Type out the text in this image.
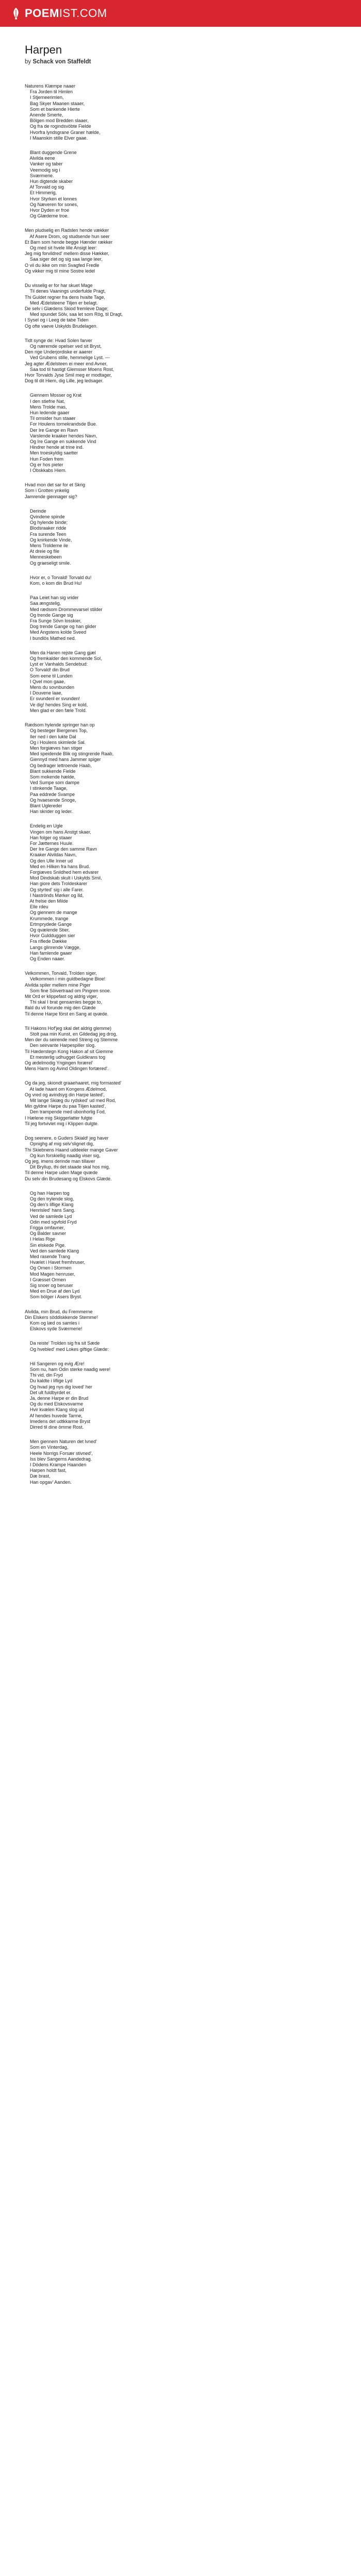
POEM IST.COM
Harpen
by Schack von Staffeldt
Naturens Klæmpe naaer
Fra Jorden til Himlen
I Stjerneerimlen,
Bag Skyer Maanen staaer,
Som et bankende Hierte
Anende Smerte,
Bölgen mod Bredden slaaer,
Og fra de rogindsvöbte Fielde
Hvorfra lyndsgrane Graner hælde,
I Maanskin stille Elver gaae.
Blant duggende Grene
Alvilda eene
Vanker og taber
Veemodig sig i
Sværmerie.
Hun digtende skaber
Af Torvald og sig
Et Himmerig,
Hvor Styrken et lonnes
Og Næveren for sones,
Hvor Dyden er froe
Og Glæderne troe.
Men pludselig en Radslen hende vækker
Af Asere Drom, og studsende hun seer
Et Barn som hende begge Hænder rækker
Og med sit hvele lille Ansigt leer:
Jeg mig forvildred' mellem disse Hækker,
Saa siger det og sig saa lange leer,
O vil du ikke om min Svagfed Fredle
Og vikker mig til mine Sostre ledel
Du visselig er for har skuet Mage
Til denes Vaanings underfulde Pragt,
Thi Guldet regner fra dens hvalte Tage,
Med Ædelsteene Tiljen er belagt.
De selv i Glædens Skiod fremleve Dage;
Med spundet Sölv, saa let som Rög, til Dragt,
I Sysel og i Leeg de tabe Tiden
Og ofte vaeve Uskylds Brudelagen.
Tidt synge de: Hvad Solen farver
Og næremde opelser ved sit Bryst,
Den rige Underjordiske er aaerer
Ved Grubens stille, hemmelige Lyst. ---
Jeg agter Ædelsteen ei meer end Avner,
Saa tod til hastigt Glemsser Moens Rost,
Hvor Torvalds Jyse Smil meg er modtager,
Dog til dit Hiem, dig Lille, jeg ledsager.
Giennem Mosser og Krat
I den stiefrie Nat,
Mens Trolde mas,
Hun ledende gaaer
Til omsider hun staaer
For Houlens tornekrandsde Bue.
Der Ire Gange en Ravn
Varslende kraaker hendes Navn,
Og Ire Gange en sukkende Vind
Hindrer hende at trine ind.
Men troeskyldig saetter
Hun Foden frem
Og er hos pieter
I Obskkabs Hiem.
Hvad mon det sar for et Skrig
Som i Grotten ynkelig
Jamrende giennager sig?
Derinde
Qvindene spinde
Og hylende binde;
Blodsraaker ridde
Fra surende Teen
Og knirkende Vinde,
Mens Trolderne ile
At dreie og file
Menneskebeen
Og graeseligt smile.
Hvor er, o Torvald! Torvald du!
Kom, o kom din Brud Hu!
Paa Leiet han sig vrider
Saa ængstelig,
Med rædsom Drommevarsel stilder
Og trende Gange sig
Fra Sunge Sövn losskier,
Dog trende Gange og han glider
Med Angstens kolde Sveed
I bundlös Mathed ned.
Men da Hanen rejste Gang gjæl
Og fremkalder den kommende Sol,
Lyst er Vanhalds Sendebud:
O Torvald! din Brud
Som eene til Lunden
I Qvel mon gaae,
Mens du sovnbunden
I Douvene laae,
Er svundenl er svunden!
Ve dig! hendes Sing er kold,
Men glad er den fæle Trold.
Rædsom hylende springer han op
Og besteger Biergenes Top,
Iler ned i den lukte Dal
Og i Houlens skimlede Sal.
Men forgiæves han stiger
Med speidende Blik og stingrende Raab,
Giennyd med hans Jammer spiger
Og bedrager lettroende Haab,
Blant sukkende Fielde
Som mokende hælde,
Ved Sumpe som dampe
I stinkende Taage,
Paa eddrede Svampe
Og hvaesende Snoge,
Blant Uglereder
Han skrider og leder.
Endelig en Ugle
Vingen om hans Anstgt skaer,
Han folger og staaer
For Jætternes Huule.
Der Ire Gange den samme Ravn
Kraaker Alvildas Navn,
Og den Ulle Inner ud
Med en Hilken fra hans Brud.
Forgiæves Snildhed hem edvarer
Mod Dindskab skult i Uskylds Smil,
Han giore dets Troldeskarer
Og styrted' sig i alle Farer.
I Naströnds Mørker og Ild,
At frelse den Milde
Elle rdeu
Og giennem de mange
Krummede, trange
Ertmprydede Gange
Og qvælende Stier,
Hvor Guldduggen sier
Fra riflede Dække
Langs glinrende Vægge,
Han famlende gaaer
Og Enden naaer.
Velkommen, Torvald, Trolden siger,
Velkommen i min guldbedagne Bioe!
Alvilda spiler mellem mine Piger
Som fine Söivertraad om Pingren snoe.
Mit Ord er klippefast og aldrig viger,
Thi skal I brat gensamles begge to,
Ifald du vil forunde mig den Glæde
Til denne Harpe först en Sang at qvæde.
Til Hakons Hof'jeg skal det aldrig glemme)
Stolt paa min Kunst, en Gildedag jeg drog,
Men der du seirende med Streng og Stemme
Den seirvante Harpespiller slog.
Til Hæderstegn Kong Hakon af sit Giemme
Et mesterlig udhugget Guldkrans tog
Og ædelmodig Yngingen forærel'
Mens Harm og Avind Oldingen fortæred'.
Og da jeg, skiondt graaehaaret, mig formasted'
At lade haant om Kongens Ædelmod,
Og vred og avindsyg din Harpe lasted',
Mit lange Skiæg du rydsked' ud med Rod,
Min gyldne Harpe du paa Tiljen kasted',
Den trampende med ubonhorlig Fod,
I Hælene mig Skiggerlatter fulgte
Til jeg fortvivlet mig i Klippen dulgte.
Dog seenere, o Guders Skiald! jeg haver
Opnighg af mig selv'slignet dig,
Thi Skiebnens Haand uddeeler mange Gaver
Og kun forskiellig naadig viser sig,
Og jeg, imens derinde man tillaver
Dit Bryllup, thi det staade skal hos mig,
Til denne Harpe uden Mage qvæde
Du selv din Brudesang og Elskovs Glæde.
Og han Harpen tog
Og den trylende slog,
Og den's liflige Klang
Henrisled' hans Sang.
Ved de samlede Lyd
Odin med sgvfold Fryd
Frigga omfavner,
Og Balder savner
I Helas Rige
Sin elskede Pige.
Ved den samlede Klang
Med rasende Trang
Hvælet i Havet fremhruser,
Og Ornen i Stormen
Mod Magen henruser,
I Græsset Ormen
Sig snoer og beruser
Med en Drue af den Lyd
Som bölger i Asers Bryst.
Alvilda, min Brud, du Fremmerne
Din Elskers söddiskkende Stemme!
Kom og læd os samles i
Elskovs syde Sværmerie!
Da reiste' Trolden sig fra sit Sæde
Og hvebled' med Lokes giftige Glæde:
Hil Sangeren og evig Ære!
Som nu, ham Odin sterke naadig were!
Thi vid, din Fryd
Du kaldte i liflige Lyd
Og hvad jeg nys dig loved' her
Det ult fuldbyrdet er.
Ja, denne Harpe er din Brud
Og du med Elskovsvarme
Hvir kvælen Klang slog ud
Af hendes huvede Tarme,
Imedens det udtkkarme Bryst
Dirred til dine ömme Rost.
Men giennem Naturen det lvned'
Som en Vinterdag,
Heele Norrigs Forsær stivned',
Iss blev Sangerns Aandedrag.
I Dödens Krampe Haanden
Harpen holdt fast,
Dæ brast,
Han opgav' Aanden.
